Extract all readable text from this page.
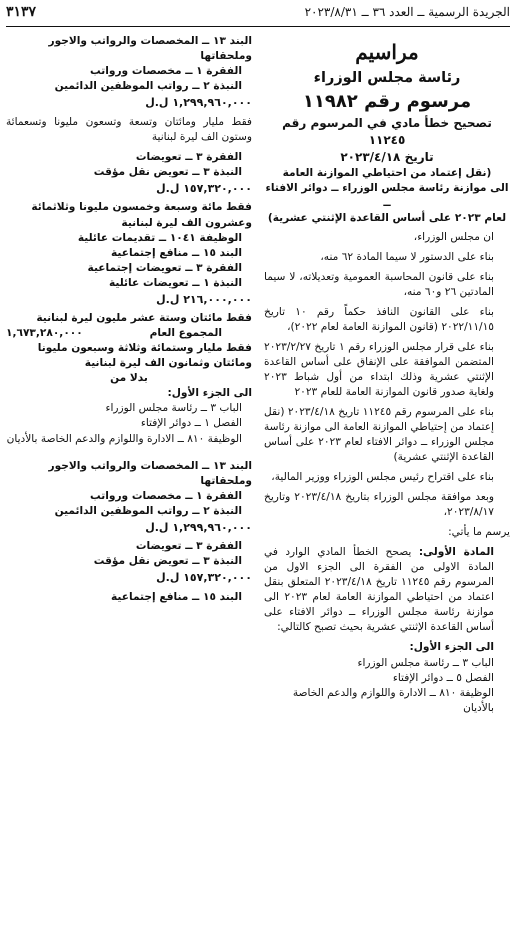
الجريدة الرسمية ــ العدد ٣٦ ــ ٢٠٢٣/٨/٣١
٣١٣٧
مراسيم
رئاسة مجلس الوزراء
مرسوم رقم ١١٩٨٢
تصحيح خطأ مادي في المرسوم رقم ١١٢٤٥
تاريخ ٢٠٢٣/٤/١٨
(نقل إعتماد من احتياطي الموازنة العامة
الى موازنة رئاسة مجلس الوزراء ــ دوائر الافتاء ــ
لعام ٢٠٢٣ على أساس القاعدة الإثنتي عشرية)
ان مجلس الوزراء،
بناء على الدستور لا سيما المادة ٦٢ منه،
بناء على قانون المحاسبة العمومية وتعديلاته، لا سيما المادتين ٢٦ و٦٠ منه،
بناء على القانون النافذ حكماً رقم ١٠ تاريخ ٢٠٢٢/١١/١٥ (قانون الموازنة العامة لعام ٢٠٢٢)،
بناء على قرار مجلس الوزراء رقم ١ تاريخ ٢٠٢٣/٢/٢٧ المتضمن الموافقة على الإنفاق على أساس القاعدة الإثنتي عشرية وذلك ابتداء من أول شباط ٢٠٢٣ ولغاية صدور قانون الموازنة العامة للعام ٢٠٢٣
بناء على المرسوم رقم ١١٢٤٥ تاريخ ٢٠٢٣/٤/١٨ (نقل إعتماد من إحتياطي الموازنة العامة الى موازنة رئاسة مجلس الوزراء ــ دوائر الافتاء لعام ٢٠٢٣ على أساس القاعدة الإثنتي عشرية)
بناء على اقتراح رئيس مجلس الوزراء ووزير المالية،
وبعد موافقة مجلس الوزراء بتاريخ ٢٠٢٣/٤/١٨ وتاريخ ٢٠٢٣/٨/١٧،
يرسم ما يأتي:
المادة الأولى: يصحح الخطأ المادي الوارد في المادة الاولى من الفقرة الى الجزء الاول من المرسوم رقم ١١٢٤٥ تاريخ ٢٠٢٣/٤/١٨ المتعلق بنقل اعتماد من احتياطي الموازنة العامة لعام ٢٠٢٣ الى موازنة رئاسة مجلس الوزراء ــ دوائر الافتاء على أساس القاعدة الإثنتي عشرية بحيث تصبح كالتالي:
الى الجزء الأول:
الباب ٣ ــ رئاسة مجلس الوزراء
الفصل ٥ ــ دوائر الإفتاء
الوظيفة ٨١٠ ــ الادارة واللوازم والدعم الخاصة بالأديان
البند ١٣ ــ المخصصات والرواتب والاجور وملحقاتها
الفقرة ١ ــ مخصصات ورواتب
النبذة ٢ ــ رواتب الموظفين الدائمين
١,٢٩٩,٩٦٠,٠٠٠ ل.ل
فقط مليار ومائتان وتسعة وتسعون مليونا وتسعمائة وستون الف ليرة لبنانية
الفقرة ٣ ــ تعويضات
النبذة ٣ ــ تعويض نقل مؤقت
١٥٧,٣٢٠,٠٠٠ ل.ل
فقط مائة وسبعة وخمسون مليونا وثلاثمائة وعشرون الف ليرة لبنانية
الوظيفة ١٠٤١ ــ تقديمات عائلية
البند ١٥ ــ منافع إجتماعية
الفقرة ٣ ــ تعويضات إجتماعية
النبذة ١ ــ تعويضات عائلية
٢١٦,٠٠٠,٠٠٠ ل.ل
فقط مائتان وستة عشر مليون ليرة لبنانية
المجموع العام
١,٦٧٣,٢٨٠,٠٠٠
فقط مليار وستمائة وثلاثة وسبعون مليونا ومائتان وثمانون الف ليرة لبنانية
بدلا من
الى الجزء الأول:
الباب ٣ ــ رئاسة مجلس الوزراء
الفصل ١ ــ دوائر الإفتاء
الوظيفة ٨١٠ ــ الادارة واللوازم والدعم الخاصة بالأديان
البند ١٣ ــ المخصصات والرواتب والاجور وملحقاتها
الفقرة ١ ــ مخصصات ورواتب
النبذة ٢ ــ رواتب الموظفين الدائمين
١,٢٩٩,٩٦٠,٠٠٠ ل.ل
الفقرة ٣ ــ تعويضات
النبذة ٣ ــ تعويض نقل مؤقت
١٥٧,٣٢٠,٠٠٠ ل.ل
البند ١٥ ــ منافع إجتماعية
